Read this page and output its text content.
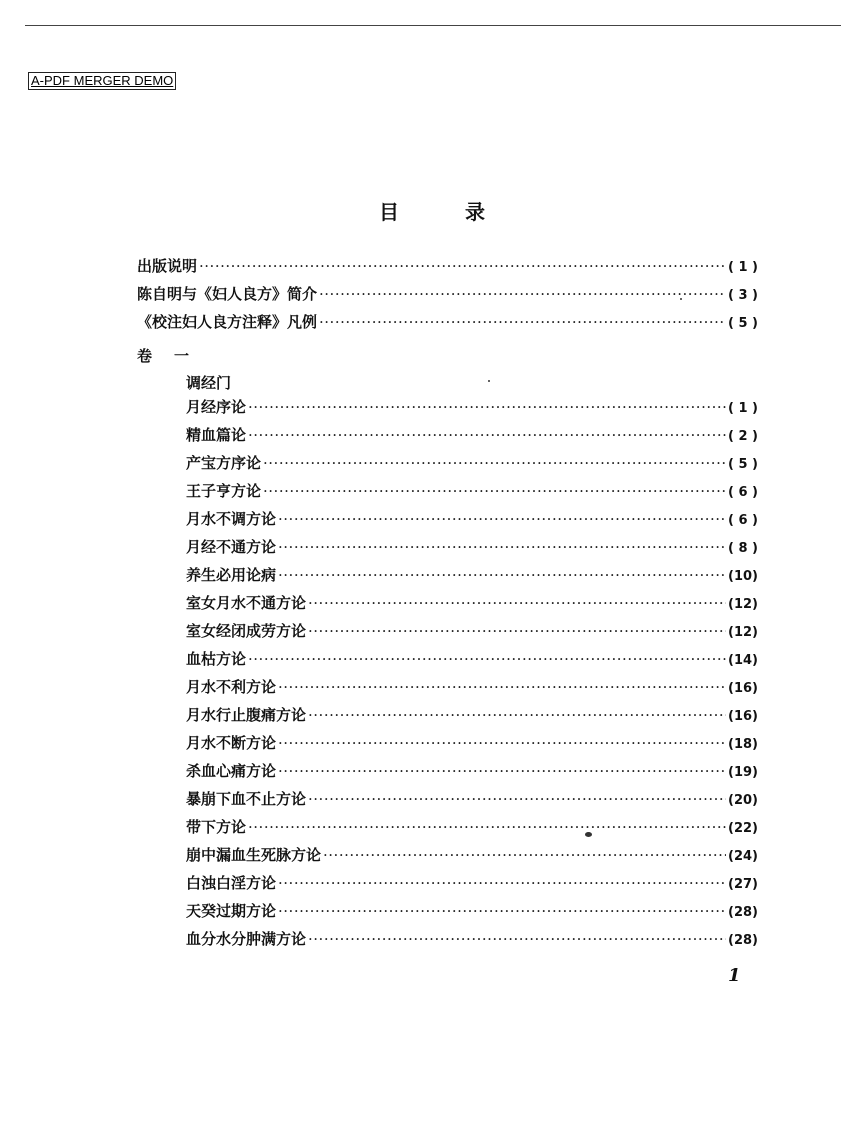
A-PDF MERGER DEMO
目	录
出版说明 ·····	( 1 )
陈自明与《妇人良方》简介 ·····	( 3 )
《校注妇人良方注释》凡例 ·····	( 5 )
卷 一
调经门
月经序论 ·····	( 1 )
精血篇论 ·····	( 2 )
产宝方序论 ·····	( 5 )
王子亨方论 ·····	( 6 )
月水不调方论 ·····	( 6 )
月经不通方论 ·····	( 8 )
养生必用论病 ·····	(10)
室女月水不通方论 ·····	(12)
室女经闭成劳方论 ·····	(12)
血枯方论 ·····	(14)
月水不利方论 ·····	(16)
月水行止腹痛方论 ·····	(16)
月水不断方论 ·····	(18)
杀血心痛方论 ·····	(19)
暴崩下血不止方论 ·····	(20)
带下方论 ·····	(22)
崩中漏血生死脉方论 ·····	(24)
白浊白淫方论 ·····	(27)
天癸过期方论 ·····	(28)
血分水分肿满方论 ·····	(28)
1
